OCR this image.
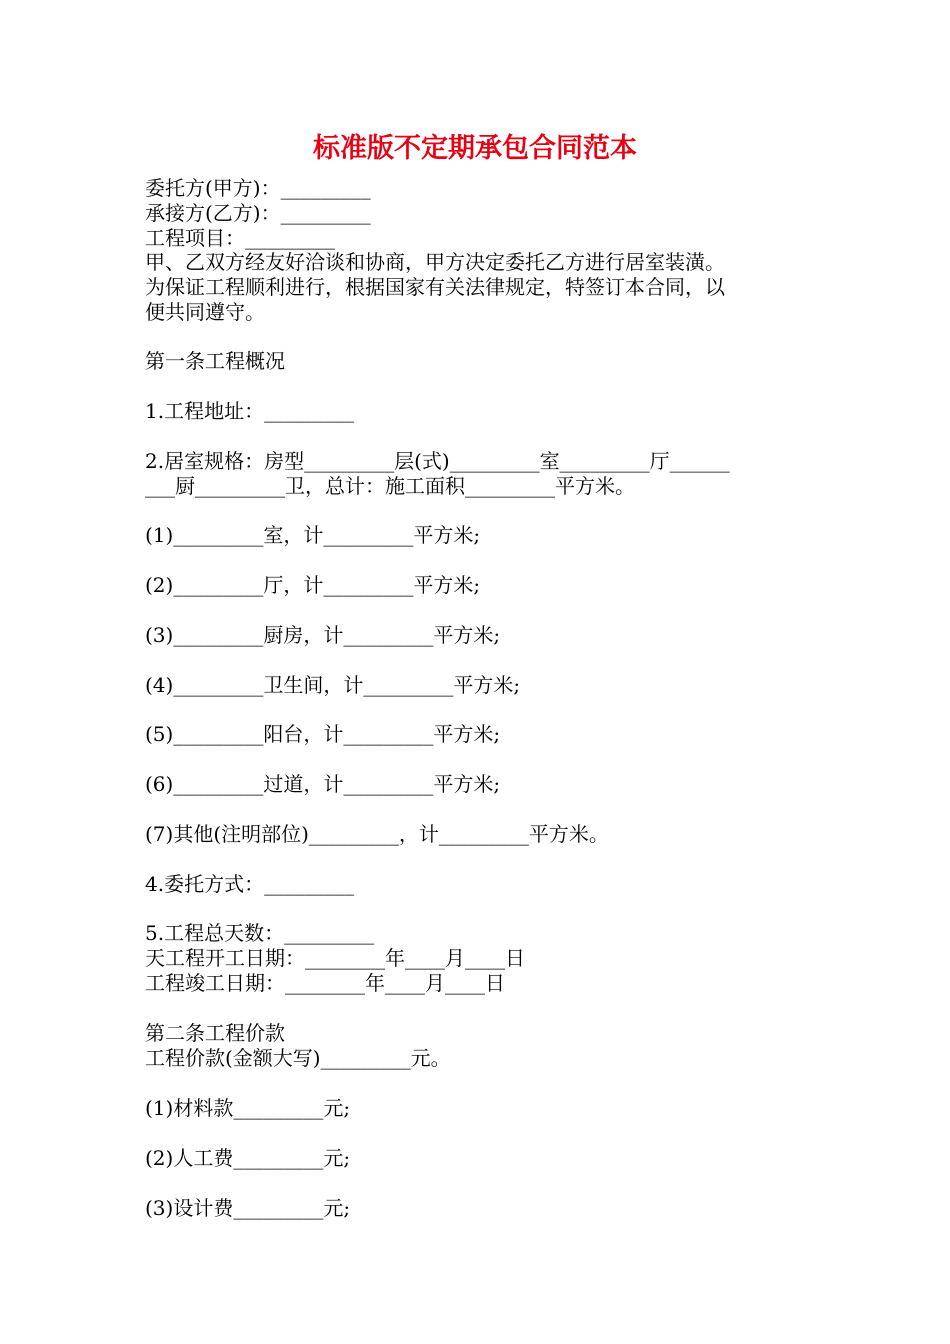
标准版不定期承包合同范本
委托方(甲方)：_________
承接方(乙方)：_________
工程项目：_________
甲、乙双方经友好洽谈和协商，甲方决定委托乙方进行居室装潢。
为保证工程顺利进行，根据国家有关法律规定，特签订本合同，以
便共同遵守。
第一条工程概况
1.工程地址：_________
2.居室规格：房型_________层(式)_________室_________厅______
___厨_________卫，总计：施工面积_________平方米。
(1)_________室，计_________平方米;
(2)_________厅，计_________平方米;
(3)_________厨房，计_________平方米;
(4)_________卫生间，计_________平方米;
(5)_________阳台，计_________平方米;
(6)_________过道，计_________平方米;
(7)其他(注明部位)_________，计_________平方米。
4.委托方式：_________
5.工程总天数：_________
天工程开工日期：________年____月____日
工程竣工日期：________年____月____日
第二条工程价款
工程价款(金额大写)_________元。
(1)材料款_________元;
(2)人工费_________元;
(3)设计费_________元;
